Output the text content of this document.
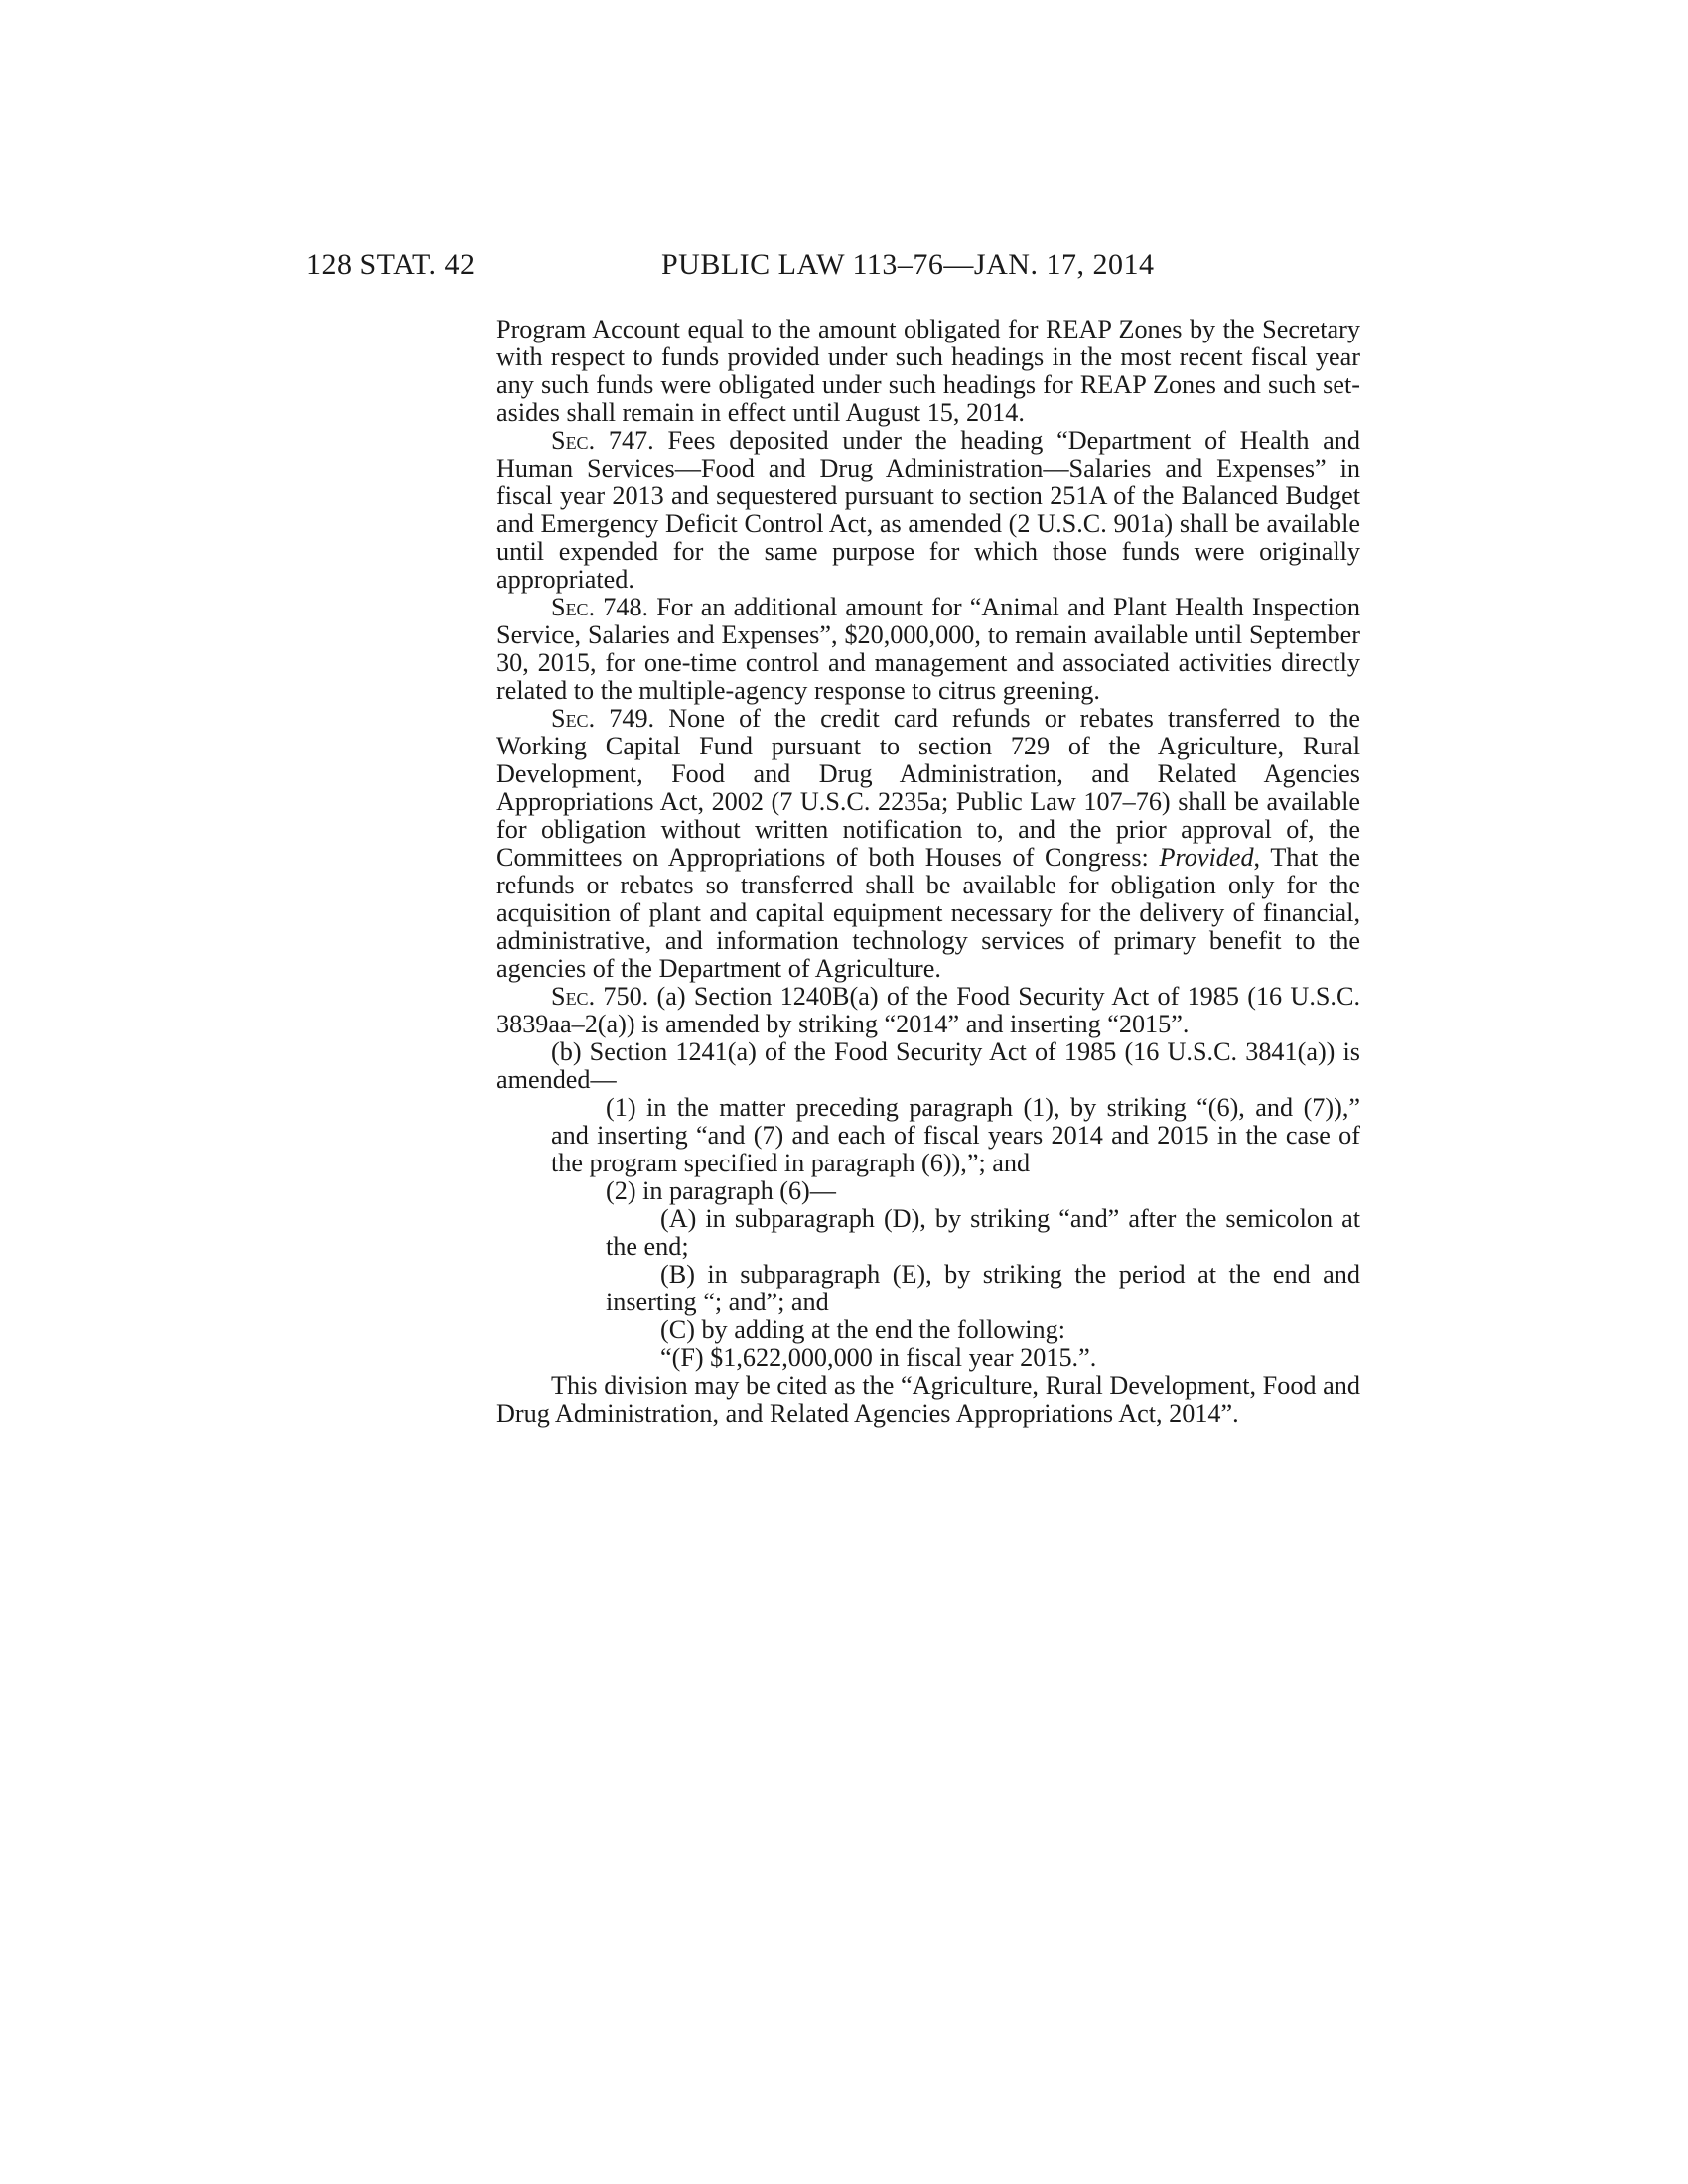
128 STAT. 42	PUBLIC LAW 113–76—JAN. 17, 2014

Program Account equal to the amount obligated for REAP Zones by the Secretary with respect to funds provided under such headings in the most recent fiscal year any such funds were obligated under such headings for REAP Zones and such set-asides shall remain in effect until August 15, 2014.

Sec. 747. Fees deposited under the heading “Department of Health and Human Services—Food and Drug Administration—Salaries and Expenses” in fiscal year 2013 and sequestered pursuant to section 251A of the Balanced Budget and Emergency Deficit Control Act, as amended (2 U.S.C. 901a) shall be available until expended for the same purpose for which those funds were originally appropriated.

Sec. 748. For an additional amount for “Animal and Plant Health Inspection Service, Salaries and Expenses”, $20,000,000, to remain available until September 30, 2015, for one-time control and management and associated activities directly related to the multiple-agency response to citrus greening.

Sec. 749. None of the credit card refunds or rebates transferred to the Working Capital Fund pursuant to section 729 of the Agriculture, Rural Development, Food and Drug Administration, and Related Agencies Appropriations Act, 2002 (7 U.S.C. 2235a; Public Law 107–76) shall be available for obligation without written notification to, and the prior approval of, the Committees on Appropriations of both Houses of Congress: Provided, That the refunds or rebates so transferred shall be available for obligation only for the acquisition of plant and capital equipment necessary for the delivery of financial, administrative, and information technology services of primary benefit to the agencies of the Department of Agriculture.

Sec. 750. (a) Section 1240B(a) of the Food Security Act of 1985 (16 U.S.C. 3839aa–2(a)) is amended by striking “2014” and inserting “2015”.

(b) Section 1241(a) of the Food Security Act of 1985 (16 U.S.C. 3841(a)) is amended—

(1) in the matter preceding paragraph (1), by striking “(6), and (7)),” and inserting “and (7) and each of fiscal years 2014 and 2015 in the case of the program specified in paragraph (6)),”; and

(2) in paragraph (6)—

(A) in subparagraph (D), by striking “and” after the semicolon at the end;

(B) in subparagraph (E), by striking the period at the end and inserting “; and”; and

(C) by adding at the end the following:

“(F) $1,622,000,000 in fiscal year 2015.”.

This division may be cited as the “Agriculture, Rural Development, Food and Drug Administration, and Related Agencies Appropriations Act, 2014”.
